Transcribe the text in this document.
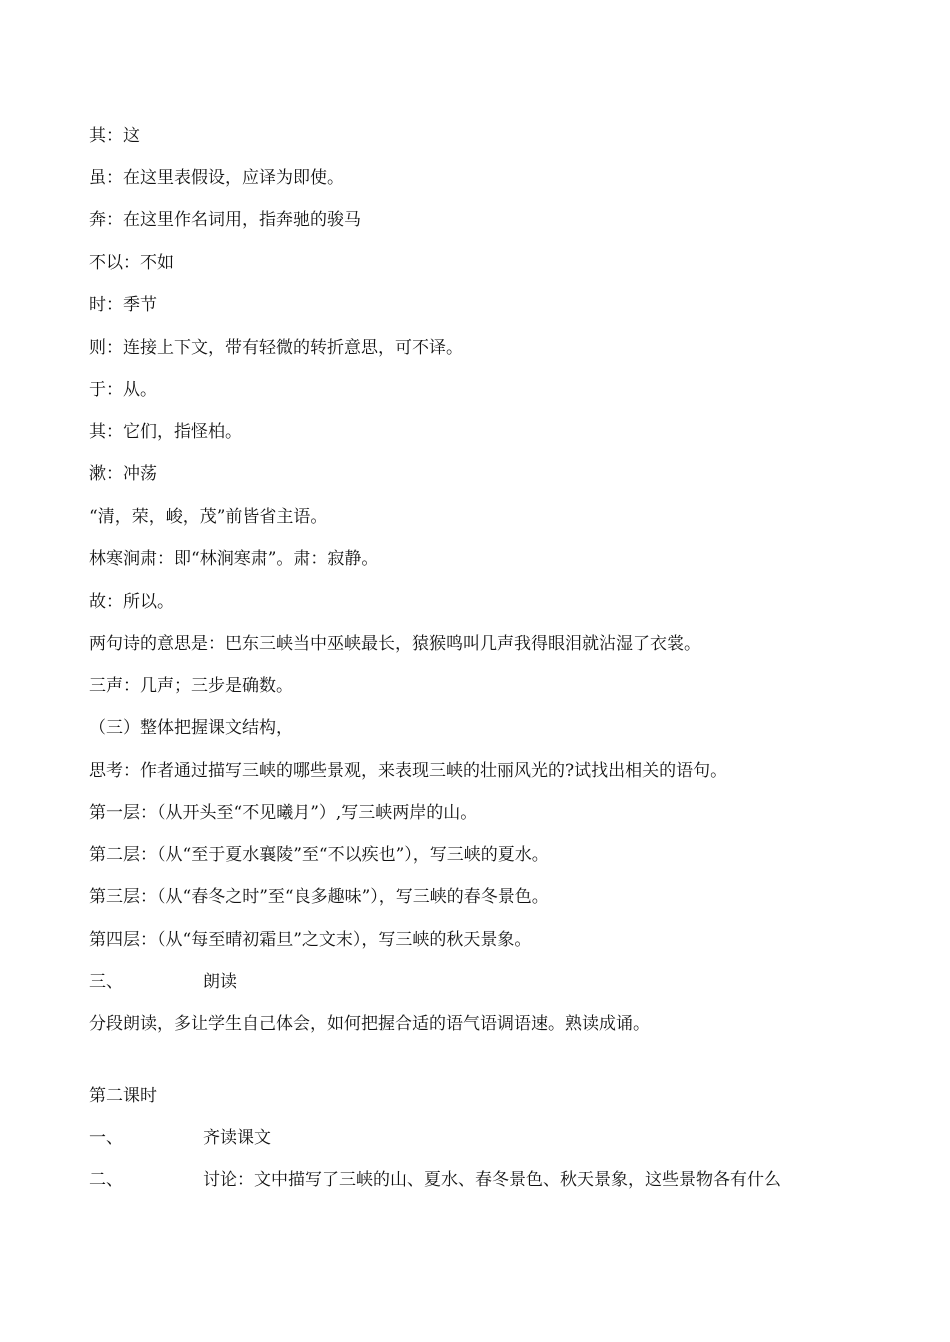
其：这
虽：在这里表假设，应译为即使。
奔：在这里作名词用，指奔驰的骏马
不以：不如
时：季节
则：连接上下文，带有轻微的转折意思，可不译。
于：从。
其：它们，指怪柏。
漱：冲荡
“清，荣，峻，茂”前皆省主语。
林寒涧肃：即“林涧寒肃”。肃：寂静。
故：所以。
两句诗的意思是：巴东三峡当中巫峡最长，猿猴鸣叫几声我得眼泪就沾湿了衣裳。
三声：几声；三步是确数。
（三）整体把握课文结构，
思考：作者通过描写三峡的哪些景观，来表现三峡的壮丽风光的?试找出相关的语句。
第一层：（从开头至“不见曦月”）,写三峡两岸的山。
第二层：（从“至于夏水襄陵”至“不以疾也”），写三峡的夏水。
第三层：（从“春冬之时”至“良多趣味”），写三峡的春冬景色。
第四层：（从“每至晴初霜旦”之文末），写三峡的秋天景象。
三、	朗读
分段朗读，多让学生自己体会，如何把握合适的语气语调语速。熟读成诵。
第二课时
一、	齐读课文
二、	讨论：文中描写了三峡的山、夏水、春冬景色、秋天景象，这些景物各有什么
